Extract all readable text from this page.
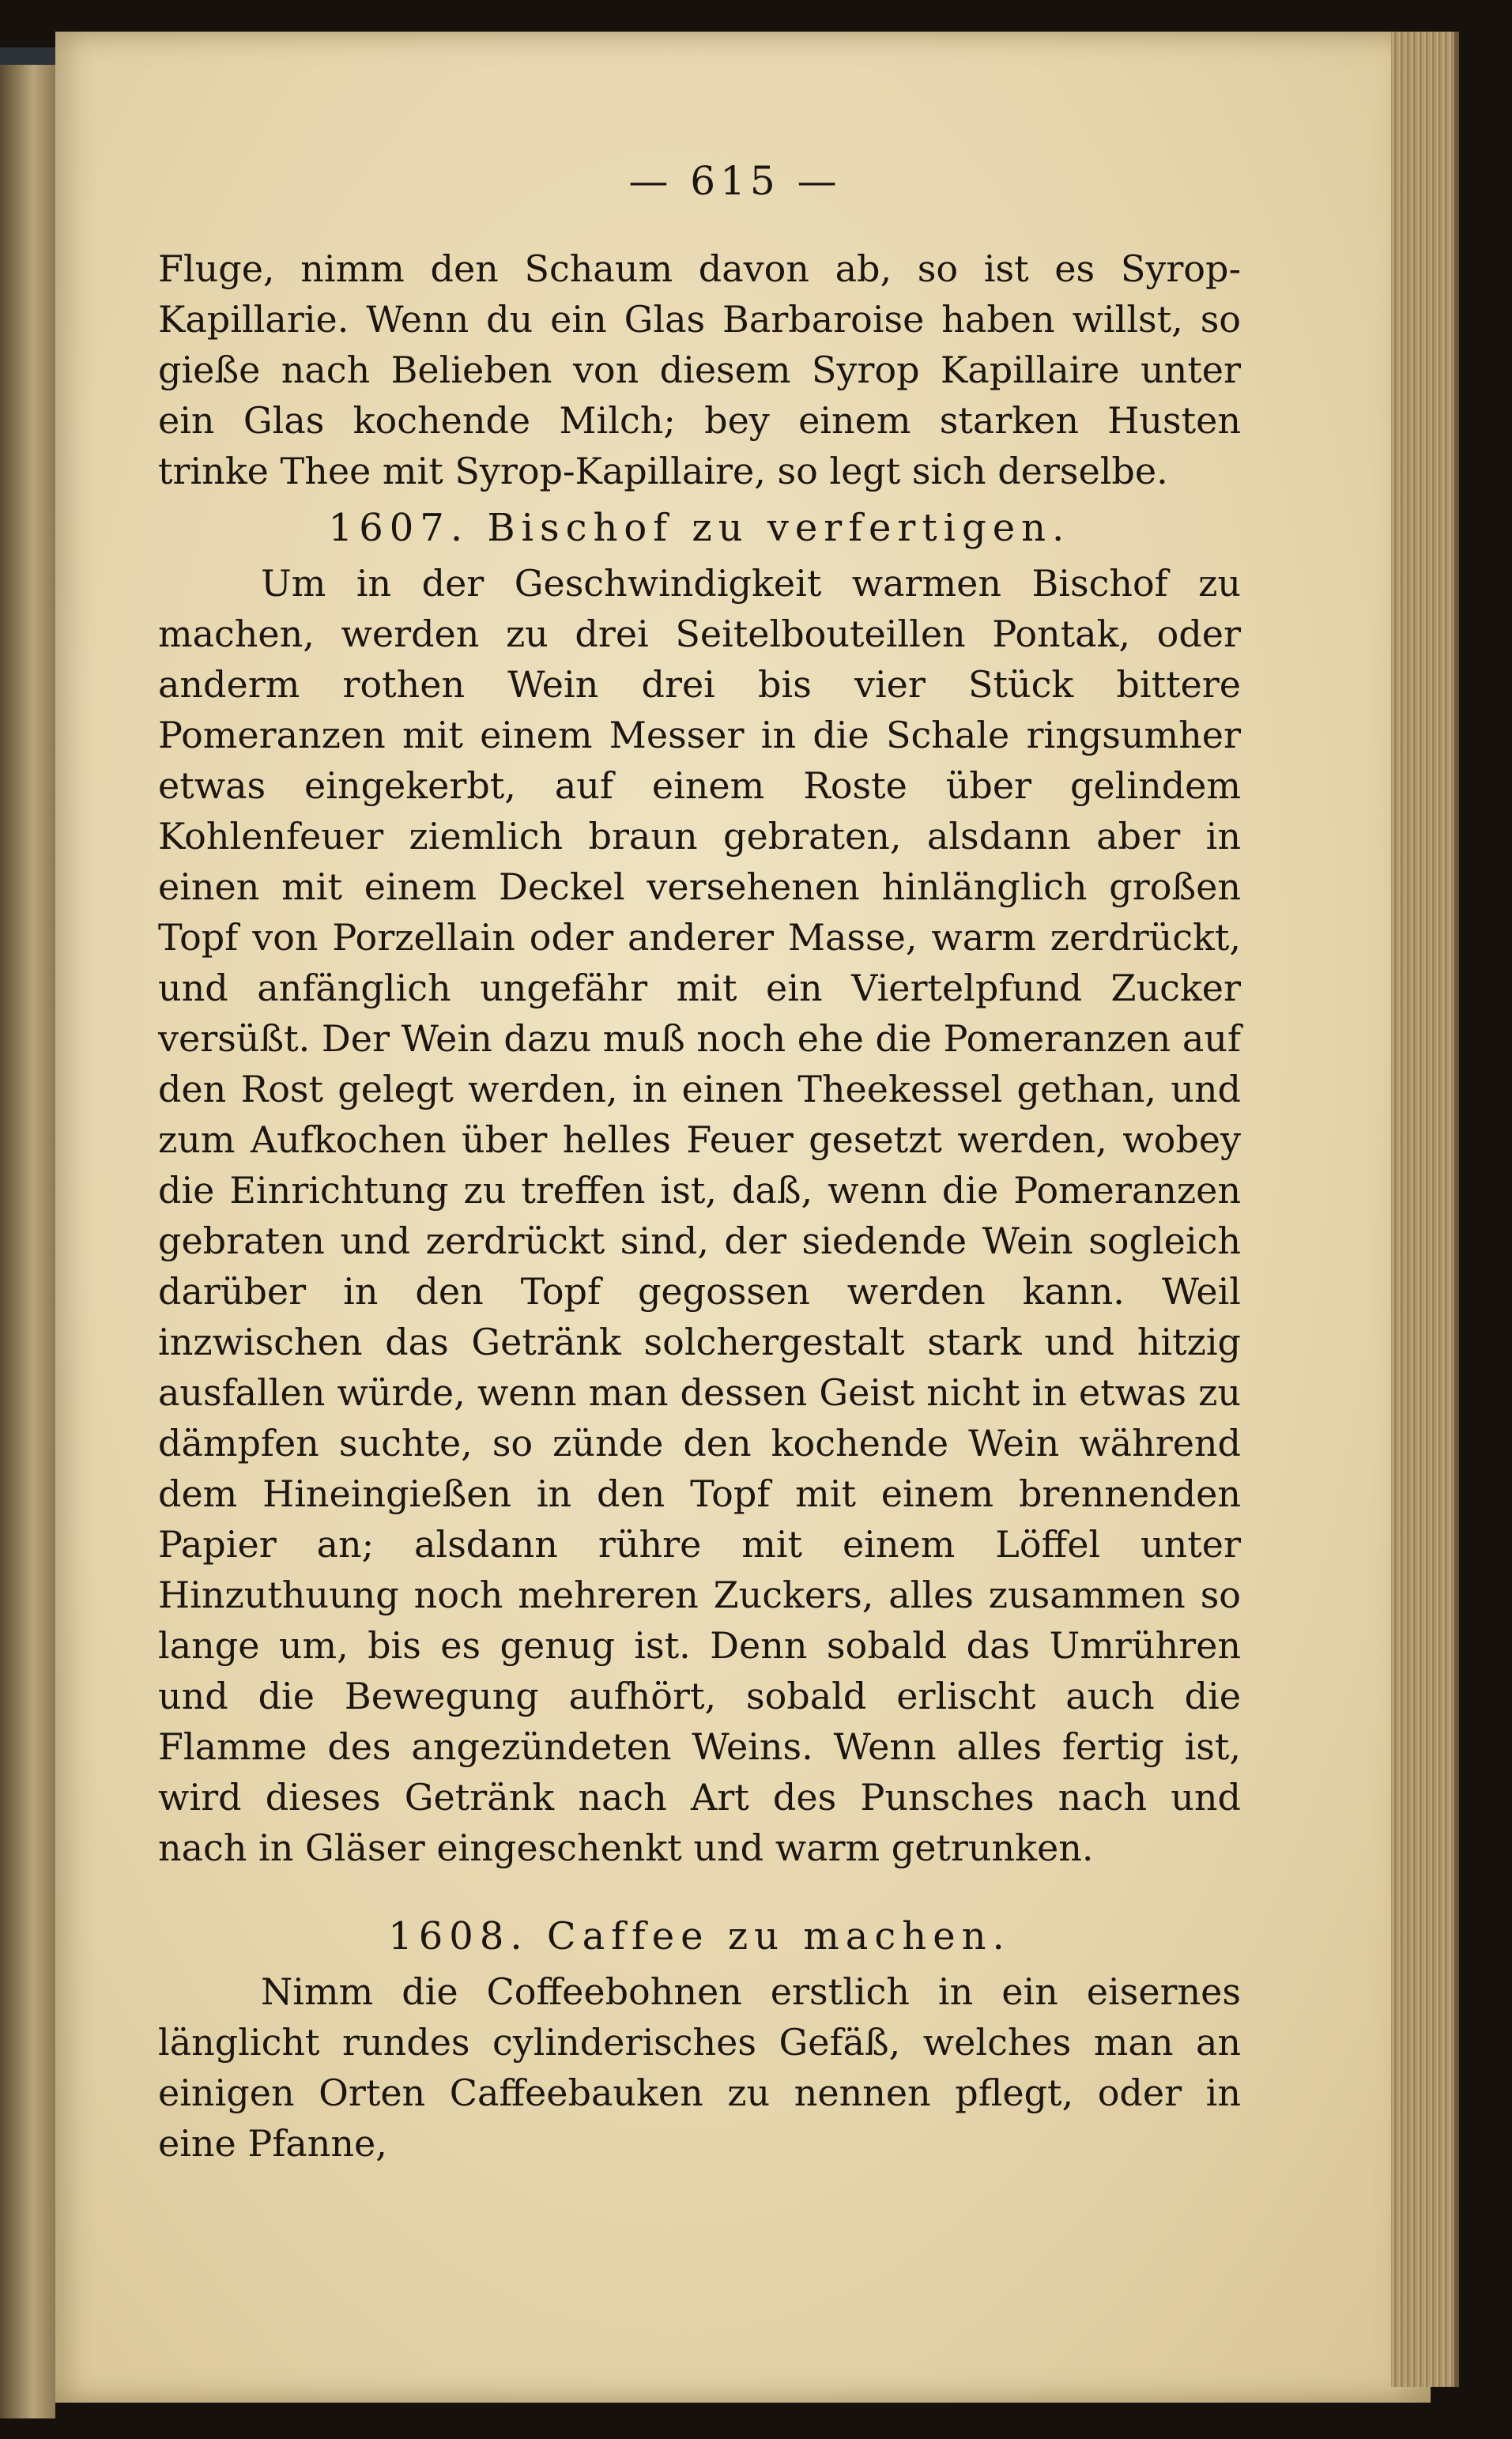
— 615 —

Fluge, nimm den Schaum davon ab, so ist es Syrop-Kapillarie. Wenn du ein Glas Barbaroise haben willst, so gieße nach Belieben von diesem Syrop Kapillaire unter ein Glas kochende Milch; bey einem starken Husten trinke Thee mit Syrop-Kapillaire, so legt sich derselbe.

1607. Bischof zu verfertigen.

Um in der Geschwindigkeit warmen Bischof zu machen, werden zu drei Seitelbouteillen Pontak, oder anderm rothen Wein drei bis vier Stück bittere Pomeranzen mit einem Messer in die Schale ringsumher etwas eingekerbt, auf einem Roste über gelindem Kohlenfeuer ziemlich braun gebraten, alsdann aber in einen mit einem Deckel versehenen hinlänglich großen Topf von Porzellain oder anderer Masse, warm zerdrückt, und anfänglich ungefähr mit ein Viertelpfund Zucker versüßt. Der Wein dazu muß noch ehe die Pomeranzen auf den Rost gelegt werden, in einen Theekessel gethan, und zum Aufkochen über helles Feuer gesetzt werden, wobey die Einrichtung zu treffen ist, daß, wenn die Pomeranzen gebraten und zerdrückt sind, der siedende Wein sogleich darüber in den Topf gegossen werden kann. Weil inzwischen das Getränk solchergestalt stark und hitzig ausfallen würde, wenn man dessen Geist nicht in etwas zu dämpfen suchte, so zünde den kochende Wein während dem Hineingießen in den Topf mit einem brennenden Papier an; alsdann rühre mit einem Löffel unter Hinzuthuung noch mehreren Zuckers, alles zusammen so lange um, bis es genug ist. Denn sobald das Umrühren und die Bewegung aufhört, sobald erlischt auch die Flamme des angezündeten Weins. Wenn alles fertig ist, wird dieses Getränk nach Art des Punsches nach und nach in Gläser eingeschenkt und warm getrunken.

1608. Caffee zu machen.

Nimm die Coffeebohnen erstlich in ein eisernes länglicht rundes cylinderisches Gefäß, welches man an einigen Orten Caffeebauken zu nennen pflegt, oder in eine Pfanne,
